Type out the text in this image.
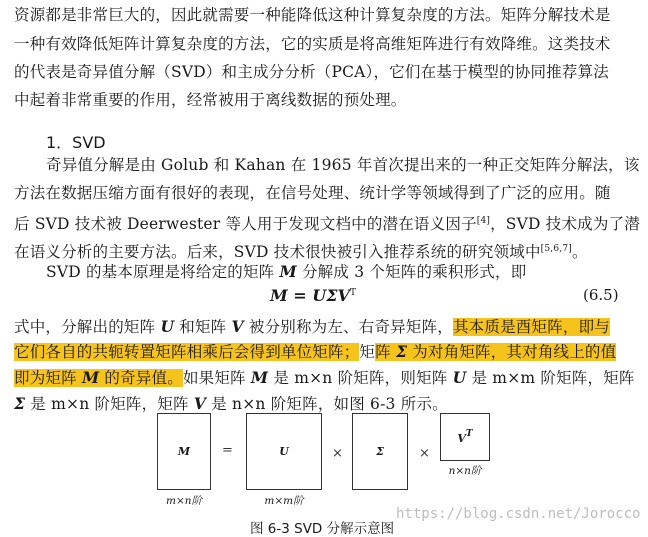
资源都是非常巨大的，因此就需要一种能降低这种计算复杂度的方法。矩阵分解技术是
一种有效降低矩阵计算复杂度的方法，它的实质是将高维矩阵进行有效降维。这类技术
的代表是奇异值分解（SVD）和主成分分析（PCA），它们在基于模型的协同推荐算法
中起着非常重要的作用，经常被用于离线数据的预处理。
1．SVD
奇异值分解是由 Golub 和 Kahan 在 1965 年首次提出来的一种正交矩阵分解法，该
方法在数据压缩方面有很好的表现，在信号处理、统计学等领域得到了广泛的应用。随
后 SVD 技术被 Deerwester 等人用于发现文档中的潜在语义因子[4]，SVD 技术成为了潜
在语义分析的主要方法。后来，SVD 技术很快被引入推荐系统的研究领域中[5,6,7]。
SVD 的基本原理是将给定的矩阵 M 分解成 3 个矩阵的乘积形式，即
$M = U\Sigma V^T$	(6.5)
式中，分解出的矩阵 U 和矩阵 V 被分别称为左、右奇异矩阵，其本质是酉矩阵，即与
它们各自的共轭转置矩阵相乘后会得到单位矩阵；矩阵 Σ 为对角矩阵，其对角线上的值
即为矩阵 M 的奇异值。如果矩阵 M 是 m×n 阶矩阵，则矩阵 U 是 m×m 阶矩阵，矩阵
Σ 是 m×n 阶矩阵，矩阵 V 是 n×n 阶矩阵，如图 6-3 所示。
M	=	U	×	Σ	×
$V^T$
n×n阶
m×n阶	m×m阶
https://blog.csdn.net/Jorocco
图 6-3 SVD 分解示意图
